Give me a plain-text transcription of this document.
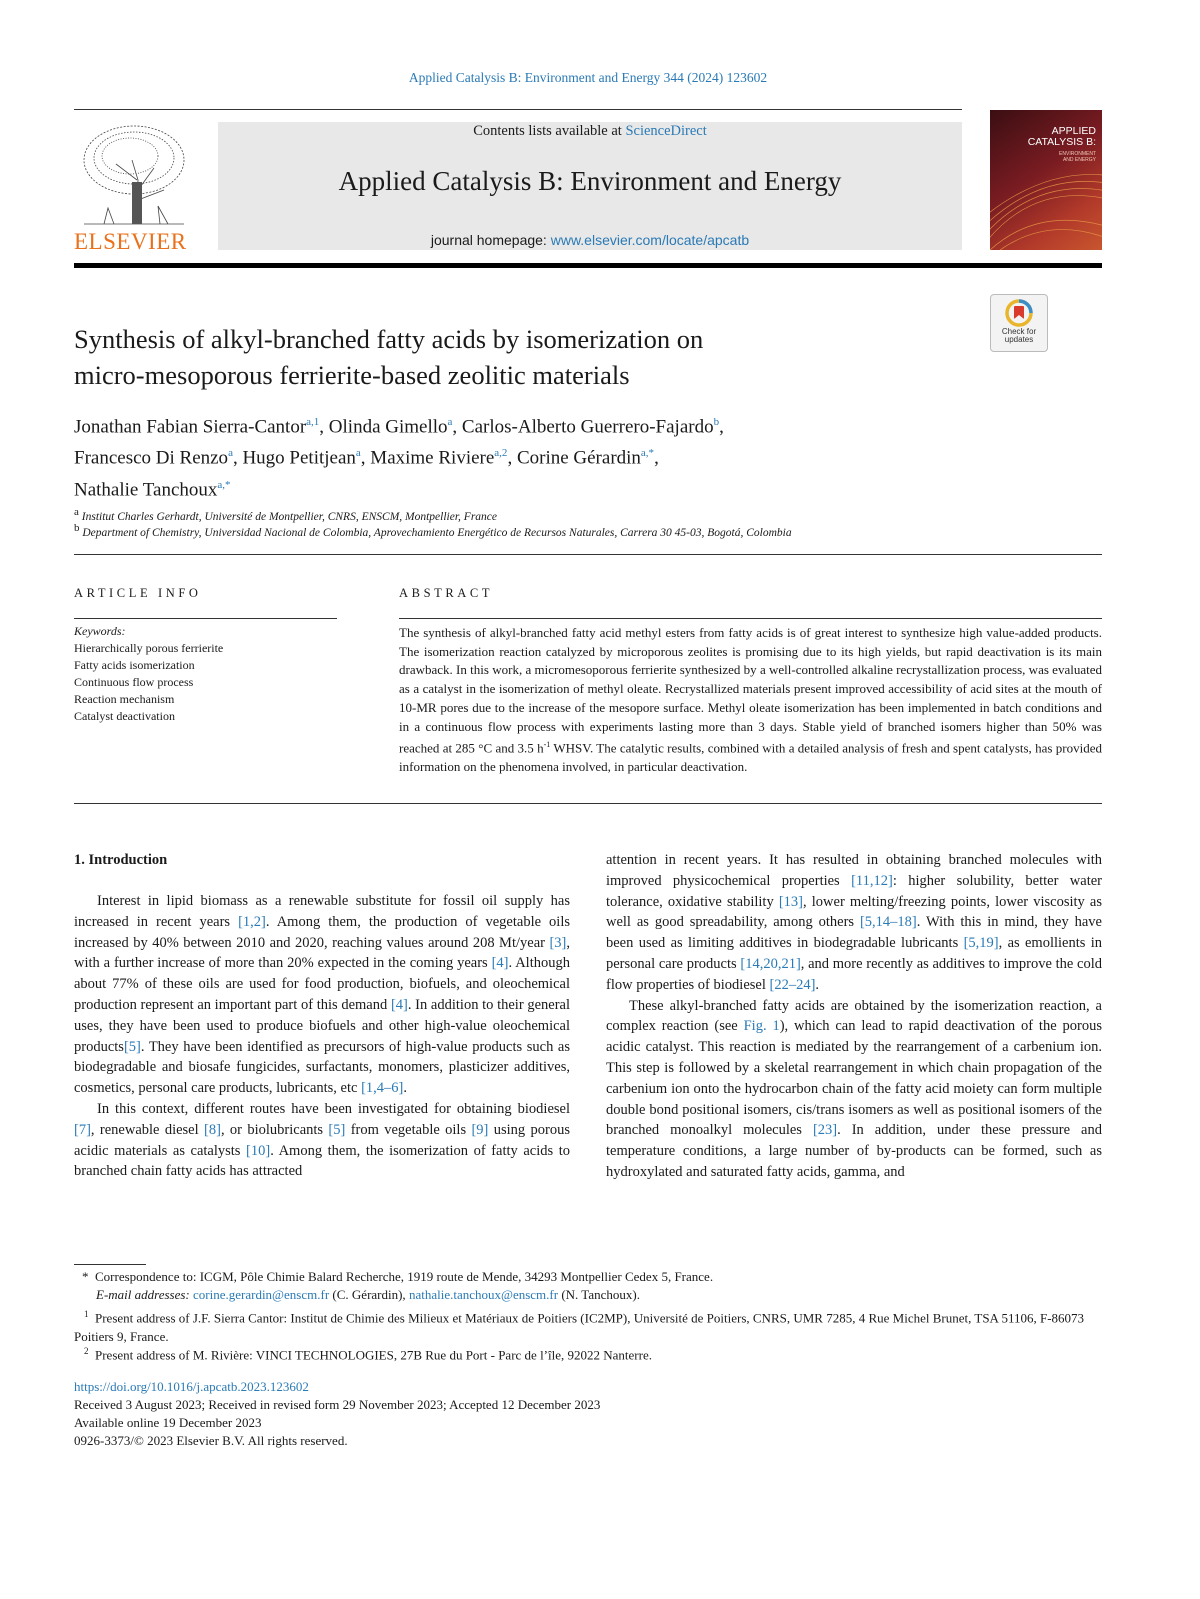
Applied Catalysis B: Environment and Energy 344 (2024) 123602
ELSEVIER
Contents lists available at ScienceDirect
Applied Catalysis B: Environment and Energy
journal homepage: www.elsevier.com/locate/apcatb
APPLIED
CATALYSIS B:
ENVIRONMENT
AND ENERGY
Check for
updates
Synthesis of alkyl-branched fatty acids by isomerization on
micro-mesoporous ferrierite-based zeolitic materials
Jonathan Fabian Sierra-Cantor$^{a,1}$, Olinda Gimello$^a$, Carlos-Alberto Guerrero-Fajardo$^b$,
Francesco Di Renzo$^a$, Hugo Petitjean$^a$, Maxime Riviere$^{a,2}$, Corine Gérardin$^{a,*}$,
Nathalie Tanchoux$^{a,*}$
$^a$ Institut Charles Gerhardt, Université de Montpellier, CNRS, ENSCM, Montpellier, France
$^b$ Department of Chemistry, Universidad Nacional de Colombia, Aprovechamiento Energético de Recursos Naturales, Carrera 30 45-03, Bogotá, Colombia
ARTICLE INFO
Keywords:
Hierarchically porous ferrierite
Fatty acids isomerization
Continuous flow process
Reaction mechanism
Catalyst deactivation
ABSTRACT
The synthesis of alkyl-branched fatty acid methyl esters from fatty acids is of great interest to synthesize high value-added products. The isomerization reaction catalyzed by microporous zeolites is promising due to its high yields, but rapid deactivation is its main drawback. In this work, a micromesoporous ferrierite synthesized by a well-controlled alkaline recrystallization process, was evaluated as a catalyst in the isomerization of methyl oleate. Recrystallized materials present improved accessibility of acid sites at the mouth of 10-MR pores due to the increase of the mesopore surface. Methyl oleate isomerization has been implemented in batch conditions and in a continuous flow process with experiments lasting more than 3 days. Stable yield of branched isomers higher than 50% was reached at 285 °C and 3.5 $h^{-1}$ WHSV. The catalytic results, combined with a detailed analysis of fresh and spent catalysts, has provided information on the phenomena involved, in particular deactivation.
1. Introduction

Interest in lipid biomass as a renewable substitute for fossil oil supply has increased in recent years [1,2]. Among them, the production of vegetable oils increased by 40% between 2010 and 2020, reaching values around 208 Mt/year [3], with a further increase of more than 20% expected in the coming years [4]. Although about 77% of these oils are used for food production, biofuels, and oleochemical production represent an important part of this demand [4]. In addition to their general uses, they have been used to produce biofuels and other high-value oleochemical products[5]. They have been identified as precursors of high-value products such as biodegradable and biosafe fungicides, surfactants, monomers, plasticizer additives, cosmetics, personal care products, lubricants, etc [1,4–6].

In this context, different routes have been investigated for obtaining biodiesel [7], renewable diesel [8], or biolubricants [5] from vegetable oils [9] using porous acidic materials as catalysts [10]. Among them, the isomerization of fatty acids to branched chain fatty acids has attracted

attention in recent years. It has resulted in obtaining branched molecules with improved physicochemical properties [11,12]: higher solubility, better water tolerance, oxidative stability [13], lower melting/freezing points, lower viscosity as well as good spreadability, among others [5,14–18]. With this in mind, they have been used as limiting additives in biodegradable lubricants [5,19], as emollients in personal care products [14,20,21], and more recently as additives to improve the cold flow properties of biodiesel [22–24].

These alkyl-branched fatty acids are obtained by the isomerization reaction, a complex reaction (see Fig. 1), which can lead to rapid deactivation of the porous acidic catalyst. This reaction is mediated by the rearrangement of a carbenium ion. This step is followed by a skeletal rearrangement in which chain propagation of the carbenium ion onto the hydrocarbon chain of the fatty acid moiety can form multiple double bond positional isomers, cis/trans isomers as well as positional isomers of the branched monoalkyl molecules [23]. In addition, under these pressure and temperature conditions, a large number of by-products can be formed, such as hydroxylated and saturated fatty acids, gamma, and

* Correspondence to: ICGM, Pôle Chimie Balard Recherche, 1919 route de Mende, 34293 Montpellier Cedex 5, France.
E-mail addresses: corine.gerardin@enscm.fr (C. Gérardin), nathalie.tanchoux@enscm.fr (N. Tanchoux).
$^1$ Present address of J.F. Sierra Cantor: Institut de Chimie des Milieux et Matériaux de Poitiers (IC2MP), Université de Poitiers, CNRS, UMR 7285, 4 Rue Michel Brunet, TSA 51106, F-86073 Poitiers 9, France.
$^2$ Present address of M. Rivière: VINCI TECHNOLOGIES, 27B Rue du Port - Parc de l’île, 92022 Nanterre.
https://doi.org/10.1016/j.apcatb.2023.123602
Received 3 August 2023; Received in revised form 29 November 2023; Accepted 12 December 2023
Available online 19 December 2023
0926-3373/© 2023 Elsevier B.V. All rights reserved.
